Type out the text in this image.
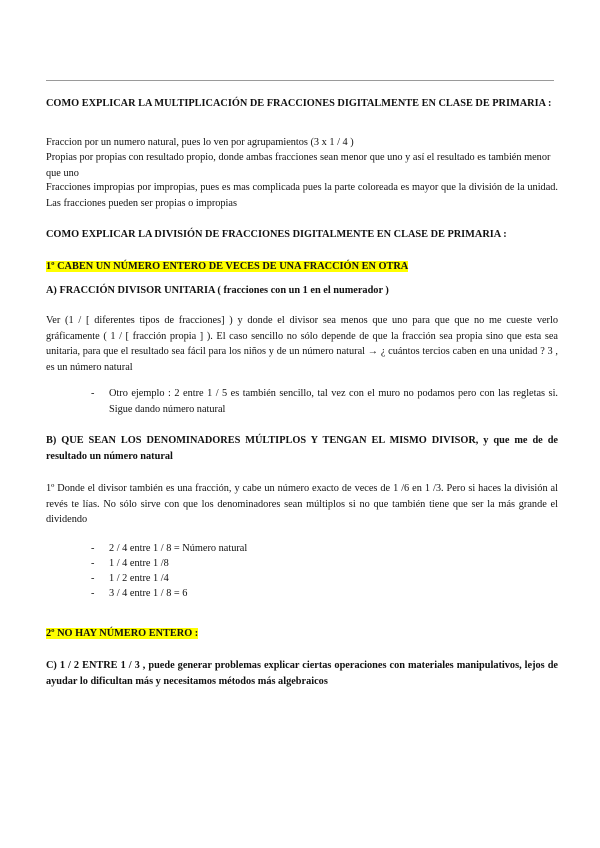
COMO EXPLICAR LA MULTIPLICACIÓN DE FRACCIONES DIGITALMENTE EN CLASE DE PRIMARIA :
Fraccion por un numero natural, pues lo ven por agrupamientos (3 x 1 / 4 )
Propias por propias con resultado propio, donde ambas fracciones sean menor que uno y así el resultado es también menor que uno
Fracciones impropias por impropias, pues es mas complicada pues la parte coloreada es mayor que la división de la unidad. Las fracciones pueden ser propias o impropias
COMO EXPLICAR LA DIVISIÓN DE FRACCIONES DIGITALMENTE EN CLASE DE PRIMARIA :
1º CABEN UN NÚMERO ENTERO DE VECES DE UNA FRACCIÓN EN OTRA
A) FRACCIÓN DIVISOR UNITARIA ( fracciones con un 1 en el numerador )
Ver (1 / [ diferentes tipos de fracciones] ) y donde el divisor sea menos que uno para que que no me cueste verlo gráficamente ( 1 / [ fracción propia ] ). El caso sencillo no sólo depende de que la fracción sea propia sino que esta sea unitaria, para que el resultado sea fácil para los niños y de un número natural → ¿ cuántos tercios caben en una unidad ? 3 , es un número natural
- Otro ejemplo : 2 entre 1 / 5 es también sencillo, tal vez con el muro no podamos pero con las regletas si. Sigue dando número natural
B) QUE SEAN LOS DENOMINADORES MÚLTIPLOS Y TENGAN EL MISMO DIVISOR, y que me de de resultado un número natural
1º Donde el divisor también es una fracción, y cabe un número exacto de veces de 1 /6 en 1 /3. Pero si haces la división al revés te lías. No sólo sirve con que los denominadores sean múltiplos si no que también tiene que ser la más grande el dividendo
- 2 / 4 entre 1 / 8 = Número natural
- 1 / 4 entre 1 /8
- 1 / 2 entre 1 /4
- 3 / 4 entre 1 / 8 = 6
2º NO HAY NÚMERO ENTERO :
C) 1 / 2 ENTRE 1 / 3 , puede generar problemas explicar ciertas operaciones con materiales manipulativos, lejos de ayudar lo dificultan más y necesitamos métodos más algebraicos
